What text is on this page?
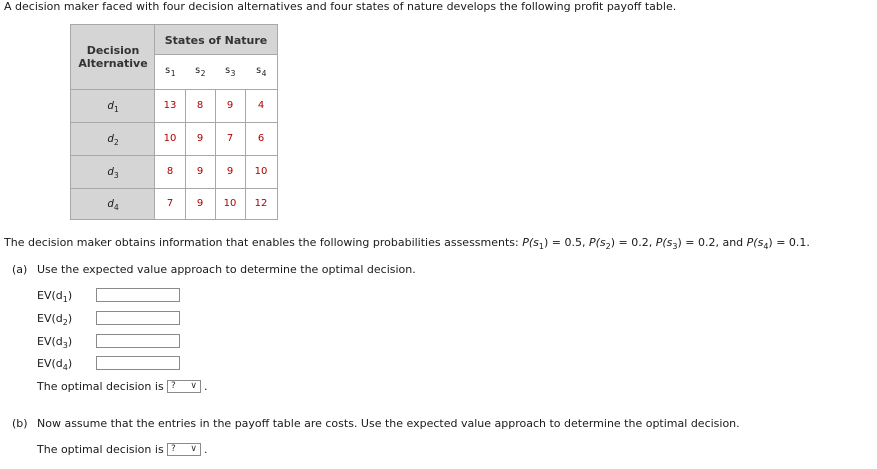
A decision maker faced with four decision alternatives and four states of nature develops the following profit payoff table.
Decision
Alternative
States of Nature
$s_1$	$s_2$	$s_3$	$s_4$
$d_1$	13	8	9	4
$d_2$	10	9	7	6
$d_3$	8	9	9	10
$d_4$	7	9	10	12
The decision maker obtains information that enables the following probabilities assessments: $P(s_1) = 0.5$, $P(s_2) = 0.2$, $P(s_3) = 0.2$, and $P(s_4) = 0.1$.
(a) Use the expected value approach to determine the optimal decision.
$EV(d_1)$
$EV(d_2)$
$EV(d_3)$
$EV(d_4)$
The optimal decision is ? ∨ .
(b) Now assume that the entries in the payoff table are costs. Use the expected value approach to determine the optimal decision.
The optimal decision is ? ∨ .
